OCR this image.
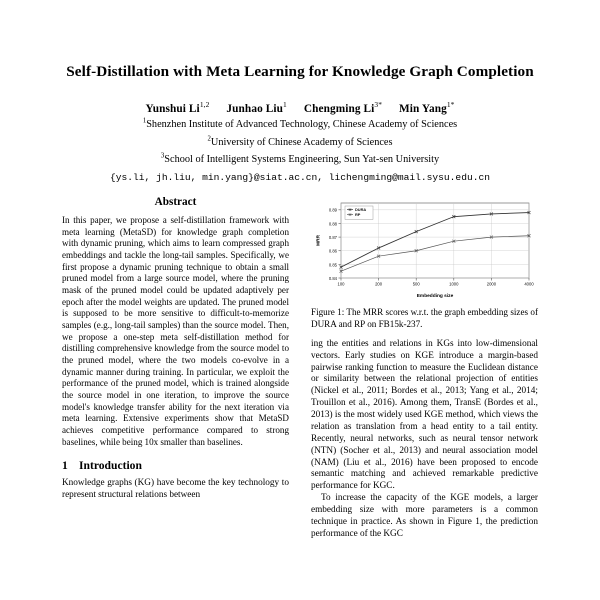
Self-Distillation with Meta Learning for Knowledge Graph Completion
Yunshui Li$^{1,2}$ Junhao Liu$^1$ Chengming $Li^{3*}$ Min Yang$^{1*}$
$^1$Shenzhen Institute of Advanced Technology, Chinese Academy of Sciences
$^2$University of Chinese Academy of Sciences
$^3$School of Intelligent Systems Engineering, Sun Yat-sen University
{ys.li, jh.liu, min.yang}@siat.ac.cn, lichengming@mail.sysu.edu.cn
Abstract

In this paper, we propose a self-distillation framework with meta learning (MetaSD) for knowledge graph completion with dynamic pruning, which aims to learn compressed graph embeddings and tackle the long-tail samples. Specifically, we first propose a dynamic pruning technique to obtain a small pruned model from a large source model, where the pruning mask of the pruned model could be updated adaptively per epoch after the model weights are updated. The pruned model is supposed to be more sensitive to difficult-to-memorize samples (e.g., long-tail samples) than the source model. Then, we propose a one-step meta self-distillation method for distilling comprehensive knowledge from the source model to the pruned model, where the two models co-evolve in a dynamic manner during training. In particular, we exploit the performance of the pruned model, which is trained alongside the source model in one iteration, to improve the source model's knowledge transfer ability for the next iteration via meta learning. Extensive experiments show that MetaSD achieves competitive performance compared to strong baselines, while being 10x smaller than baselines.

1 Introduction

Knowledge graphs (KG) have become the key technology to represent structural relations between

0.84
0.85
0.86
0.87
0.88
0.89
100	200	500	1000	2000	4000
Embedding size
MRR
DURA
RP

Figure 1: The MRR scores w.r.t. the graph embedding sizes of DURA and RP on FB15k-237.

ing the entities and relations in KGs into low-dimensional vectors. Early studies on KGE introduce a margin-based pairwise ranking function to measure the Euclidean distance or similarity between the relational projection of entities (Nickel et al., 2011; Bordes et al., 2013; Yang et al., 2014; Trouillon et al., 2016). Among them, TransE (Bordes et al., 2013) is the most widely used KGE method, which views the relation as translation from a head entity to a tail entity. Recently, neural networks, such as neural tensor network (NTN) (Socher et al., 2013) and neural association model (NAM) (Liu et al., 2016) have been proposed to encode semantic matching and achieved remarkable predictive performance for KGC.

To increase the capacity of the KGE models, a larger embedding size with more parameters is a common technique in practice. As shown in Figure 1, the prediction performance of the KGC
